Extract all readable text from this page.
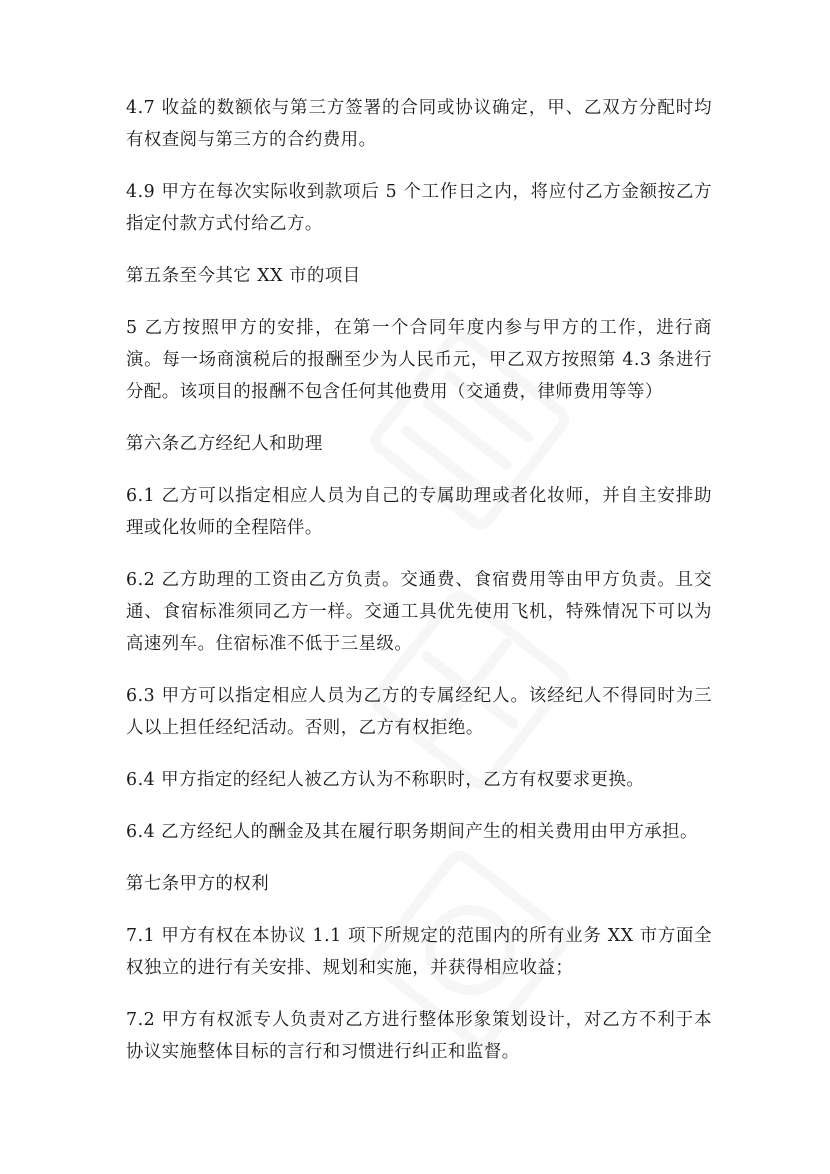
4.7 收益的数额依与第三方签署的合同或协议确定，甲、乙双方分配时均有权查阅与第三方的合约费用。

4.9 甲方在每次实际收到款项后 5 个工作日之内，将应付乙方金额按乙方指定付款方式付给乙方。

第五条至今其它 XX 市的项目

5 乙方按照甲方的安排，在第一个合同年度内参与甲方的工作，进行商演。每一场商演税后的报酬至少为人民币元，甲乙双方按照第 4.3 条进行分配。该项目的报酬不包含任何其他费用（交通费，律师费用等等）

第六条乙方经纪人和助理

6.1 乙方可以指定相应人员为自己的专属助理或者化妆师，并自主安排助理或化妆师的全程陪伴。

6.2 乙方助理的工资由乙方负责。交通费、食宿费用等由甲方负责。且交通、食宿标准须同乙方一样。交通工具优先使用飞机，特殊情况下可以为高速列车。住宿标准不低于三星级。

6.3 甲方可以指定相应人员为乙方的专属经纪人。该经纪人不得同时为三人以上担任经纪活动。否则，乙方有权拒绝。

6.4 甲方指定的经纪人被乙方认为不称职时，乙方有权要求更换。

6.4 乙方经纪人的酬金及其在履行职务期间产生的相关费用由甲方承担。

第七条甲方的权利

7.1 甲方有权在本协议 1.1 项下所规定的范围内的所有业务 XX 市方面全权独立的进行有关安排、规划和实施，并获得相应收益；

7.2 甲方有权派专人负责对乙方进行整体形象策划设计，对乙方不利于本协议实施整体目标的言行和习惯进行纠正和监督。
